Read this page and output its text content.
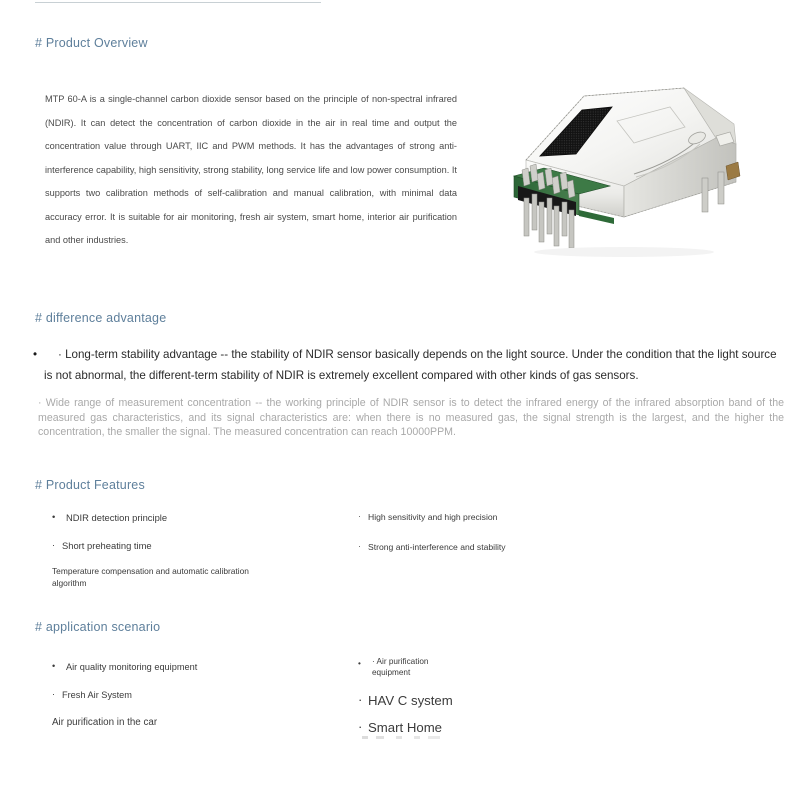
# Product Overview
MTP 60-A is a single-channel carbon dioxide sensor based on the principle of non-spectral infrared (NDIR). It can detect the concentration of carbon dioxide in the air in real time and output the concentration value through UART, IIC and PWM methods. It has the advantages of strong anti-interference capability, high sensitivity, strong stability, long service life and low power consumption. It supports two calibration methods of self-calibration and manual calibration, with minimal data accuracy error. It is suitable for air monitoring, fresh air system, smart home, interior air purification and other industries.
# difference advantage
• · Long-term stability advantage -- the stability of NDIR sensor basically depends on the light source. Under the condition that the light source is not abnormal, the different-term stability of NDIR is extremely excellent compared with other kinds of gas sensors.
· Wide range of measurement concentration -- the working principle of NDIR sensor is to detect the infrared energy of the infrared absorption band of the measured gas characteristics, and its signal characteristics are: when there is no measured gas, the signal strength is the largest, and the higher the concentration, the smaller the signal. The measured concentration can reach 10000PPM.
# Product Features
• NDIR detection principle
· Short preheating time
Temperature compensation and automatic calibration algorithm
· High sensitivity and high precision
· Strong anti-interference and stability
# application scenario
• Air quality monitoring equipment
· Fresh Air System
Air purification in the car
• · Air purification equipment
· HAV C system
· Smart Home
